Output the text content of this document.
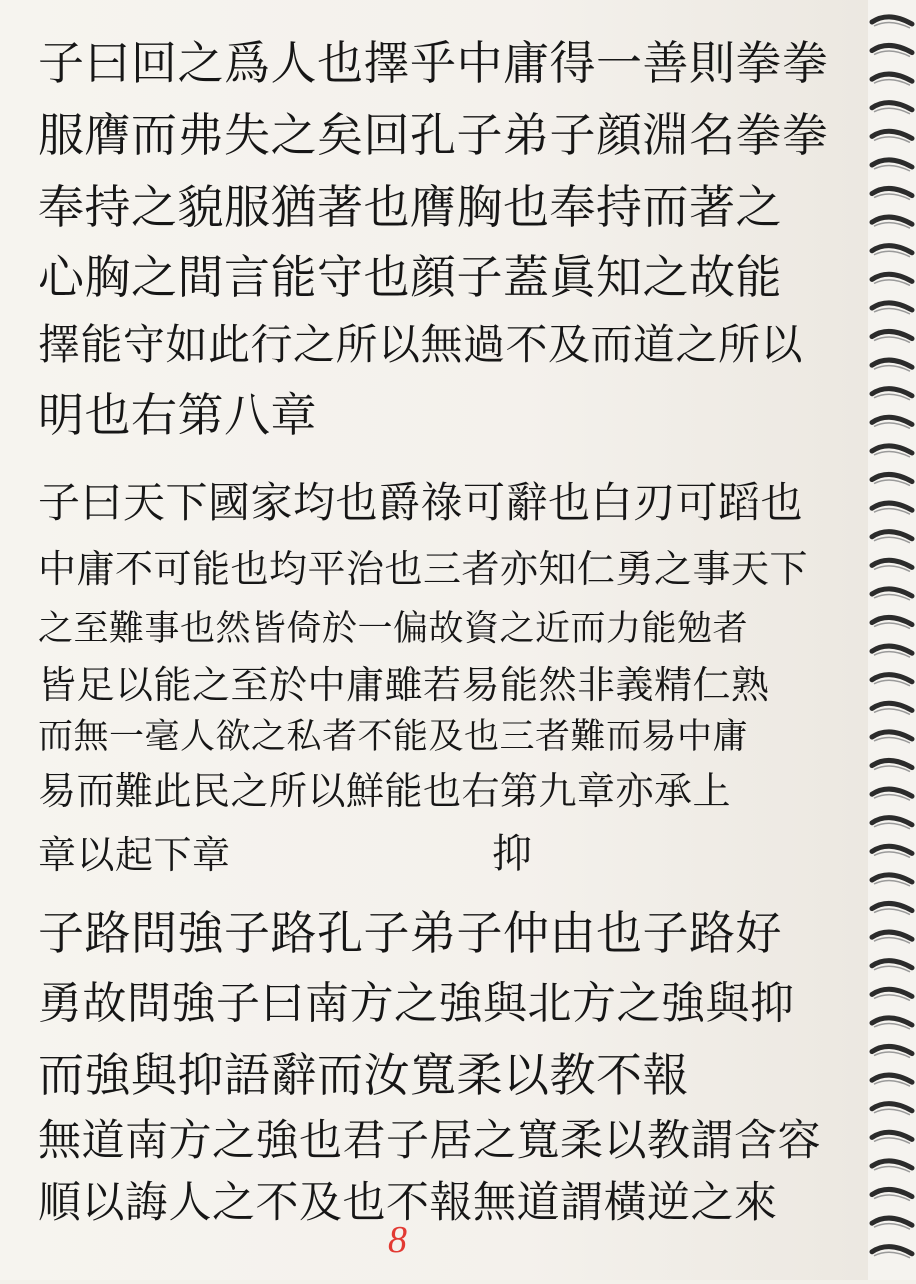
子曰回之爲人也擇乎中庸得一善則拳拳
服膺而弗失之矣回孔子弟子顔淵名拳拳
奉持之貌服猶著也膺胸也奉持而著之
心胸之間言能守也顔子蓋眞知之故能
擇能守如此行之所以無過不及而道之所以
明也右第八章
子曰天下國家均也爵祿可辭也白刃可蹈也
中庸不可能也均平治也三者亦知仁勇之事天下
之至難事也然皆倚於一偏故資之近而力能勉者
皆足以能之至於中庸雖若易能然非義精仁熟
而無一毫人欲之私者不能及也三者難而易中庸
易而難此民之所以鮮能也右第九章亦承上
章以起下章	抑
子路問強子路孔子弟子仲由也子路好
勇故問強子曰南方之強與北方之強與抑
而強與抑語辭而汝寬柔以教不報
無道南方之強也君子居之寬柔以教謂含容
順以誨人之不及也不報無道謂橫逆之來
8
